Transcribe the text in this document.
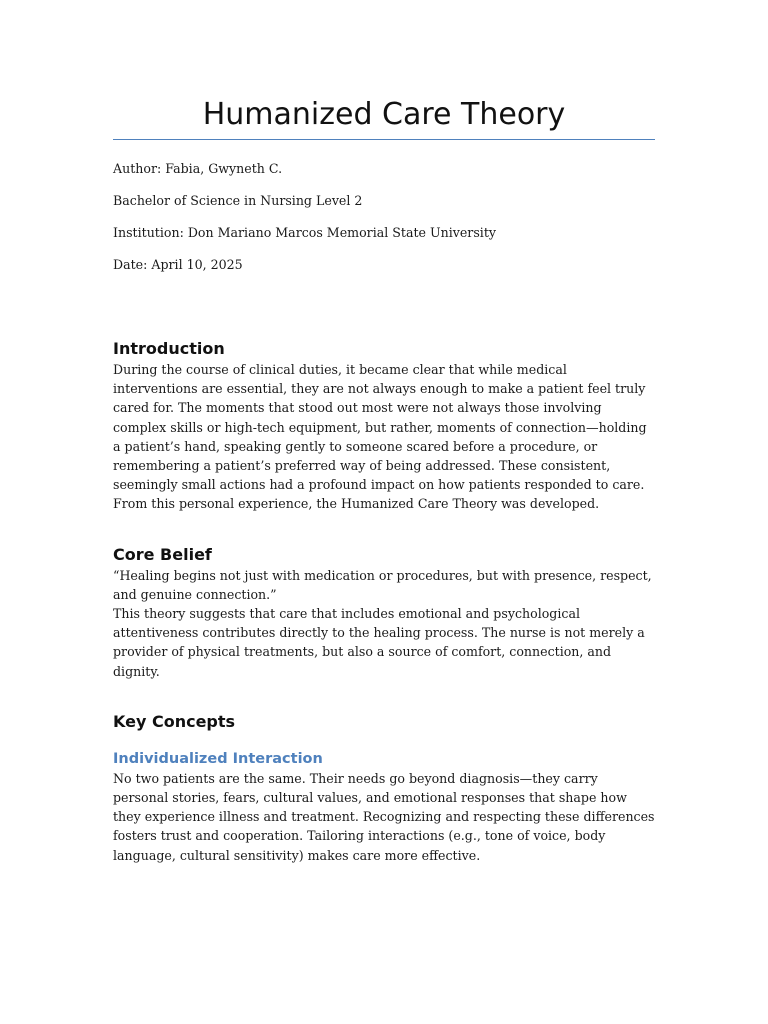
Humanized Care Theory

Author: Fabia, Gwyneth C.

Bachelor of Science in Nursing Level 2

Institution: Don Mariano Marcos Memorial State University

Date: April 10, 2025

Introduction

During the course of clinical duties, it became clear that while medical interventions are essential, they are not always enough to make a patient feel truly cared for. The moments that stood out most were not always those involving complex skills or high-tech equipment, but rather, moments of connection—holding a patient’s hand, speaking gently to someone scared before a procedure, or remembering a patient’s preferred way of being addressed. These consistent, seemingly small actions had a profound impact on how patients responded to care. From this personal experience, the Humanized Care Theory was developed.

Core Belief

“Healing begins not just with medication or procedures, but with presence, respect, and genuine connection.”

This theory suggests that care that includes emotional and psychological attentiveness contributes directly to the healing process. The nurse is not merely a provider of physical treatments, but also a source of comfort, connection, and dignity.

Key Concepts
Individualized Interaction

No two patients are the same. Their needs go beyond diagnosis—they carry personal stories, fears, cultural values, and emotional responses that shape how they experience illness and treatment. Recognizing and respecting these differences fosters trust and cooperation. Tailoring interactions (e.g., tone of voice, body language, cultural sensitivity) makes care more effective.
